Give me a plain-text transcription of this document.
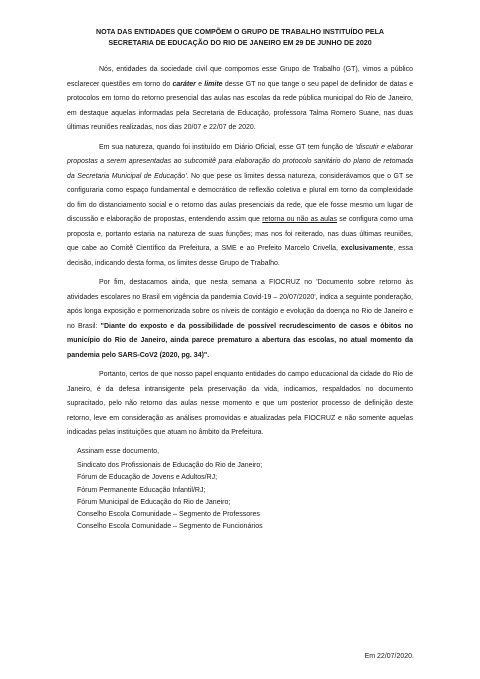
NOTA DAS ENTIDADES QUE COMPÕEM O GRUPO DE TRABALHO INSTITUÍDO PELA
SECRETARIA DE EDUCAÇÃO DO RIO DE JANEIRO EM 29 DE JUNHO DE 2020

Nós, entidades da sociedade civil que compomos esse Grupo de Trabalho (GT), vimos a público esclarecer questões em torno do caráter e limite desse GT no que tange o seu papel de definidor de datas e protocolos em torno do retorno presencial das aulas nas escolas da rede pública municipal do Rio de Janeiro, em destaque aquelas informadas pela Secretaria de Educação, professora Talma Romero Suane, nas duas últimas reuniões realizadas, nos dias 20/07 e 22/07 de 2020.

Em sua natureza, quando foi instituído em Diário Oficial, esse GT tem função de 'discutir e elaborar propostas a serem apresentadas ao subcomitê para elaboração do protocolo sanitário do plano de retomada da Secretaria Municipal de Educação'. No que pese os limites dessa natureza, considerávamos que o GT se configuraria como espaço fundamental e democrático de reflexão coletiva e plural em torno da complexidade do fim do distanciamento social e o retorno das aulas presenciais da rede, que ele fosse mesmo um lugar de discussão e elaboração de propostas, entendendo assim que retorna ou não as aulas se configura como uma proposta e, portanto estaria na natureza de suas funções; mas nos foi reiterado, nas duas últimas reuniões, que cabe ao Comitê Científico da Prefeitura, a SME e ao Prefeito Marcelo Crivella, exclusivamente, essa decisão, indicando desta forma, os limites desse Grupo de Trabalho.

Por fim, destacamos ainda, que nesta semana a FIOCRUZ no 'Documento sobre retorno às atividades escolares no Brasil em vigência da pandemia Covid-19 – 20/07/2020', indica a seguinte ponderação, após longa exposição e pormenorizada sobre os níveis de contágio e evolução da doença no Rio de Janeiro e no Brasil: "Diante do exposto e da possibilidade de possível recrudescimento de casos e óbitos no município do Rio de Janeiro, ainda parece prematuro a abertura das escolas, no atual momento da pandemia pelo SARS-CoV2 (2020, pg. 34)".

Portanto, certos de que nosso papel enquanto entidades do campo educacional da cidade do Rio de Janeiro, é da defesa intransigente pela preservação da vida, indicamos, respaldados no documento supracitado, pelo não retorno das aulas nesse momento e que um posterior processo de definição deste retorno, leve em consideração as análises promovidas e atualizadas pela FIOCRUZ e não somente aquelas indicadas pelas instituições que atuam no âmbito da Prefeitura.

Assinam esse documento,
Sindicato dos Profissionais de Educação do Rio de Janeiro;
Fórum de Educação de Jovens e Adultos/RJ;
Fórum Permanente Educação Infantil/RJ;
Fórum Municipal de Educação do Rio de Janeiro;
Conselho Escola Comunidade – Segmento de Professores
Conselho Escola Comunidade – Segmento de Funcionários
Em 22/07/2020.
